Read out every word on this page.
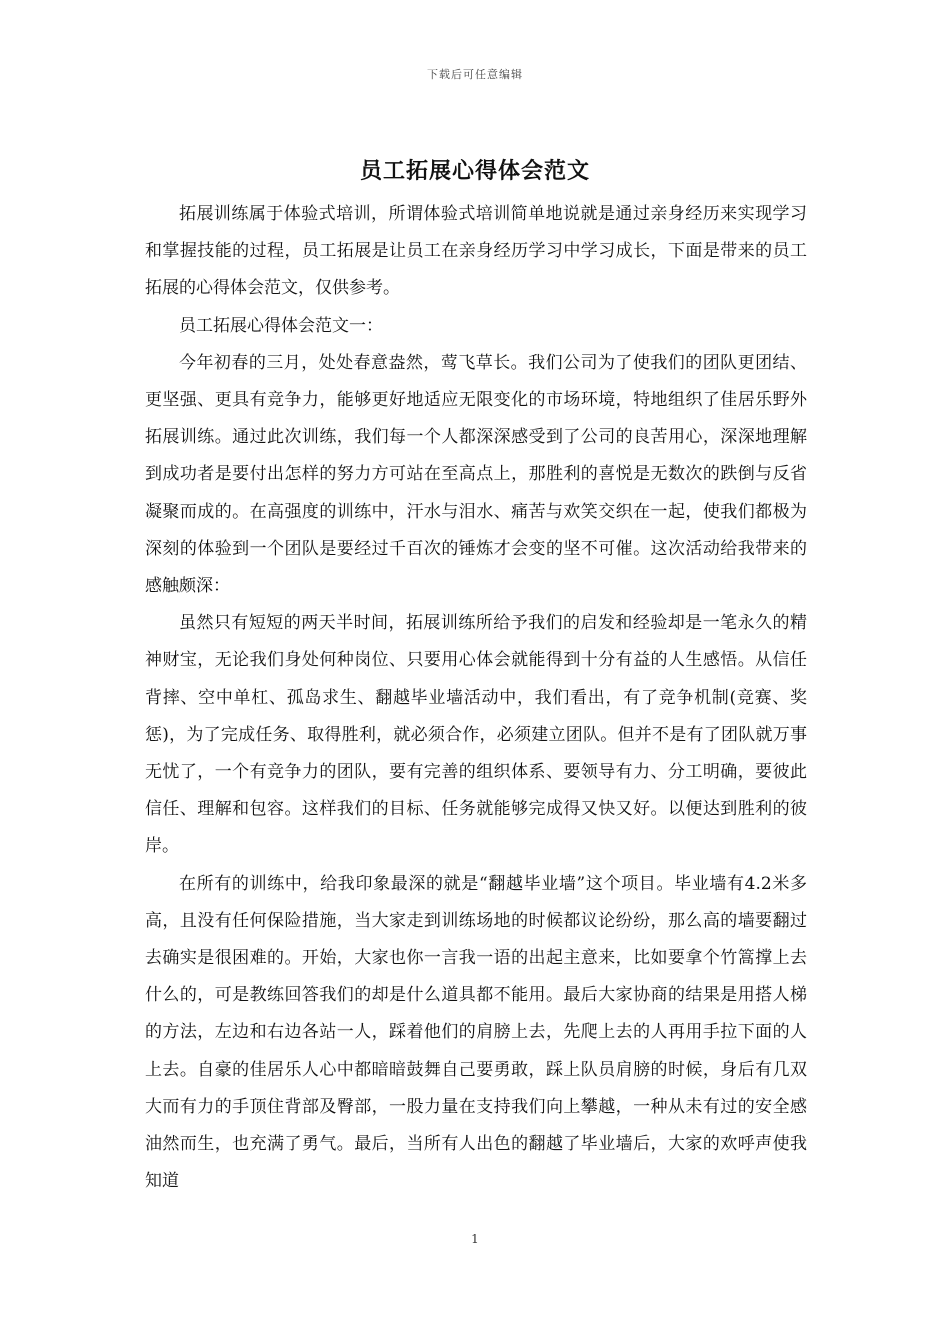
下载后可任意编辑
员工拓展心得体会范文

拓展训练属于体验式培训，所谓体验式培训简单地说就是通过亲身经历来实现学习和掌握技能的过程，员工拓展是让员工在亲身经历学习中学习成长，下面是带来的员工拓展的心得体会范文，仅供参考。

员工拓展心得体会范文一：

今年初春的三月，处处春意盎然，莺飞草长。我们公司为了使我们的团队更团结、更坚强、更具有竞争力，能够更好地适应无限变化的市场环境，特地组织了佳居乐野外拓展训练。通过此次训练，我们每一个人都深深感受到了公司的良苦用心，深深地理解到成功者是要付出怎样的努力方可站在至高点上，那胜利的喜悦是无数次的跌倒与反省凝聚而成的。在高强度的训练中，汗水与泪水、痛苦与欢笑交织在一起，使我们都极为深刻的体验到一个团队是要经过千百次的锤炼才会变的坚不可催。这次活动给我带来的感触颇深：

虽然只有短短的两天半时间，拓展训练所给予我们的启发和经验却是一笔永久的精神财宝，无论我们身处何种岗位、只要用心体会就能得到十分有益的人生感悟。从信任背摔、空中单杠、孤岛求生、翻越毕业墙活动中，我们看出，有了竞争机制(竞赛、奖惩)，为了完成任务、取得胜利，就必须合作，必须建立团队。但并不是有了团队就万事无忧了，一个有竞争力的团队，要有完善的组织体系、要领导有力、分工明确，要彼此信任、理解和包容。这样我们的目标、任务就能够完成得又快又好。以便达到胜利的彼岸。

在所有的训练中，给我印象最深的就是“翻越毕业墙”这个项目。毕业墙有4.2米多高，且没有任何保险措施，当大家走到训练场地的时候都议论纷纷，那么高的墙要翻过去确实是很困难的。开始，大家也你一言我一语的出起主意来，比如要拿个竹篙撑上去什么的，可是教练回答我们的却是什么道具都不能用。最后大家协商的结果是用搭人梯的方法，左边和右边各站一人，踩着他们的肩膀上去，先爬上去的人再用手拉下面的人上去。自豪的佳居乐人心中都暗暗鼓舞自己要勇敢，踩上队员肩膀的时候，身后有几双大而有力的手顶住背部及臀部，一股力量在支持我们向上攀越，一种从未有过的安全感油然而生，也充满了勇气。最后，当所有人出色的翻越了毕业墙后，大家的欢呼声使我知道

1
